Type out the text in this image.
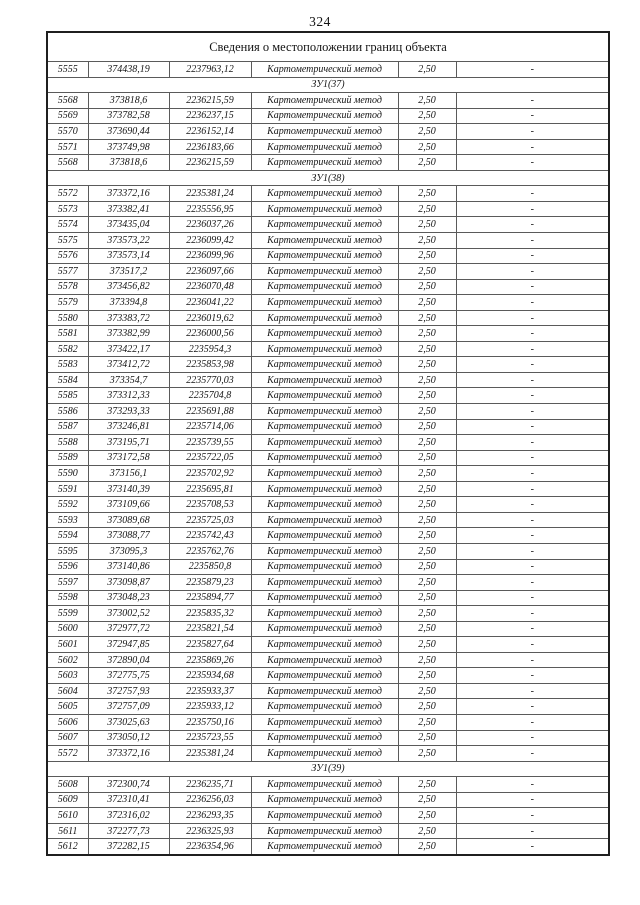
324
Сведения о местоположении границ объекта					
5555	374438,19	2237963,12	Картометрический метод	2,50	-
ЗУ1(37)					
5568	373818,6	2236215,59	Картометрический метод	2,50	-
5569	373782,58	2236237,15	Картометрический метод	2,50	-
5570	373690,44	2236152,14	Картометрический метод	2,50	-
5571	373749,98	2236183,66	Картометрический метод	2,50	-
5568	373818,6	2236215,59	Картометрический метод	2,50	-
ЗУ1(38)					
5572	373372,16	2235381,24	Картометрический метод	2,50	-
5573	373382,41	2235556,95	Картометрический метод	2,50	-
5574	373435,04	2236037,26	Картометрический метод	2,50	-
5575	373573,22	2236099,42	Картометрический метод	2,50	-
5576	373573,14	2236099,96	Картометрический метод	2,50	-
5577	373517,2	2236097,66	Картометрический метод	2,50	-
5578	373456,82	2236070,48	Картометрический метод	2,50	-
5579	373394,8	2236041,22	Картометрический метод	2,50	-
5580	373383,72	2236019,62	Картометрический метод	2,50	-
5581	373382,99	2236000,56	Картометрический метод	2,50	-
5582	373422,17	2235954,3	Картометрический метод	2,50	-
5583	373412,72	2235853,98	Картометрический метод	2,50	-
5584	373354,7	2235770,03	Картометрический метод	2,50	-
5585	373312,33	2235704,8	Картометрический метод	2,50	-
5586	373293,33	2235691,88	Картометрический метод	2,50	-
5587	373246,81	2235714,06	Картометрический метод	2,50	-
5588	373195,71	2235739,55	Картометрический метод	2,50	-
5589	373172,58	2235722,05	Картометрический метод	2,50	-
5590	373156,1	2235702,92	Картометрический метод	2,50	-
5591	373140,39	2235695,81	Картометрический метод	2,50	-
5592	373109,66	2235708,53	Картометрический метод	2,50	-
5593	373089,68	2235725,03	Картометрический метод	2,50	-
5594	373088,77	2235742,43	Картометрический метод	2,50	-
5595	373095,3	2235762,76	Картометрический метод	2,50	-
5596	373140,86	2235850,8	Картометрический метод	2,50	-
5597	373098,87	2235879,23	Картометрический метод	2,50	-
5598	373048,23	2235894,77	Картометрический метод	2,50	-
5599	373002,52	2235835,32	Картометрический метод	2,50	-
5600	372977,72	2235821,54	Картометрический метод	2,50	-
5601	372947,85	2235827,64	Картометрический метод	2,50	-
5602	372890,04	2235869,26	Картометрический метод	2,50	-
5603	372775,75	2235934,68	Картометрический метод	2,50	-
5604	372757,93	2235933,37	Картометрический метод	2,50	-
5605	372757,09	2235933,12	Картометрический метод	2,50	-
5606	373025,63	2235750,16	Картометрический метод	2,50	-
5607	373050,12	2235723,55	Картометрический метод	2,50	-
5572	373372,16	2235381,24	Картометрический метод	2,50	-
ЗУ1(39)					
5608	372300,74	2236235,71	Картометрический метод	2,50	-
5609	372310,41	2236256,03	Картометрический метод	2,50	-
5610	372316,02	2236293,35	Картометрический метод	2,50	-
5611	372277,73	2236325,93	Картометрический метод	2,50	-
5612	372282,15	2236354,96	Картометрический метод	2,50	-
